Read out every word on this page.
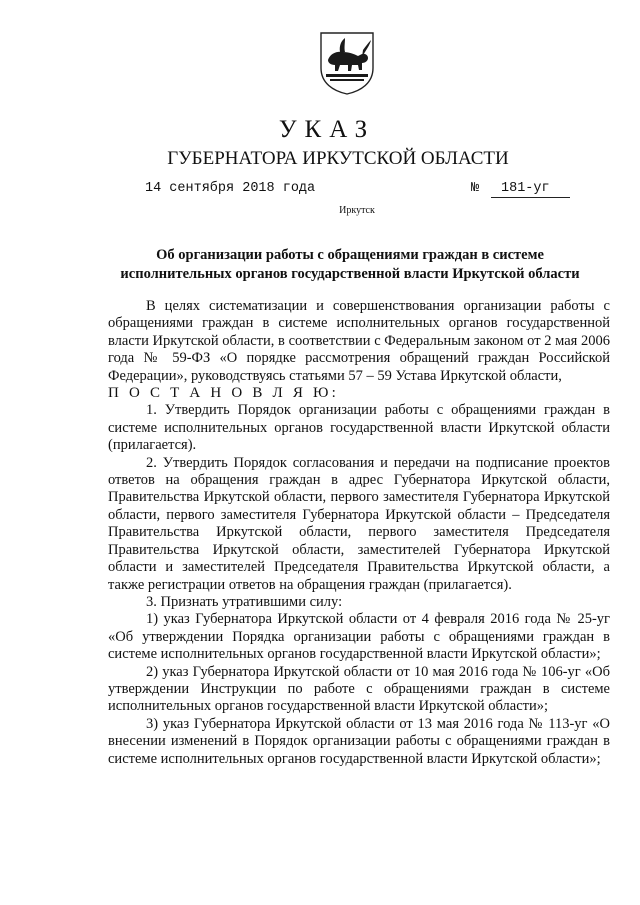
УКАЗ
ГУБЕРНАТОРА ИРКУТСКОЙ ОБЛАСТИ
14 сентября 2018 года	№	181-уг
Иркутск
Об организации работы с обращениями граждан в системе
исполнительных органов государственной власти Иркутской области

В целях систематизации и совершенствования организации работы с обращениями граждан в системе исполнительных органов государственной власти Иркутской области, в соответствии с Федеральным законом от 2 мая 2006 года № 59-ФЗ «О порядке рассмотрения обращений граждан Российской Федерации», руководствуясь статьями 57 – 59 Устава Иркутской области,

П О С Т А Н О В Л Я Ю:

1. Утвердить Порядок организации работы с обращениями граждан в системе исполнительных органов государственной власти Иркутской области (прилагается).

2. Утвердить Порядок согласования и передачи на подписание проектов ответов на обращения граждан в адрес Губернатора Иркутской области, Правительства Иркутской области, первого заместителя Губернатора Иркутской области, первого заместителя Губернатора Иркутской области – Председателя Правительства Иркутской области, первого заместителя Председателя Правительства Иркутской области, заместителей Губернатора Иркутской области и заместителей Председателя Правительства Иркутской области, а также регистрации ответов на обращения граждан (прилагается).

3. Признать утратившими силу:

1) указ Губернатора Иркутской области от 4 февраля 2016 года № 25-уг «Об утверждении Порядка организации работы с обращениями граждан в системе исполнительных органов государственной власти Иркутской области»;

2) указ Губернатора Иркутской области от 10 мая 2016 года № 106-уг «Об утверждении Инструкции по работе с обращениями граждан в системе исполнительных органов государственной власти Иркутской области»;

3) указ Губернатора Иркутской области от 13 мая 2016 года № 113-уг «О внесении изменений в Порядок организации работы с обращениями граждан в системе исполнительных органов государственной власти Иркутской области»;
